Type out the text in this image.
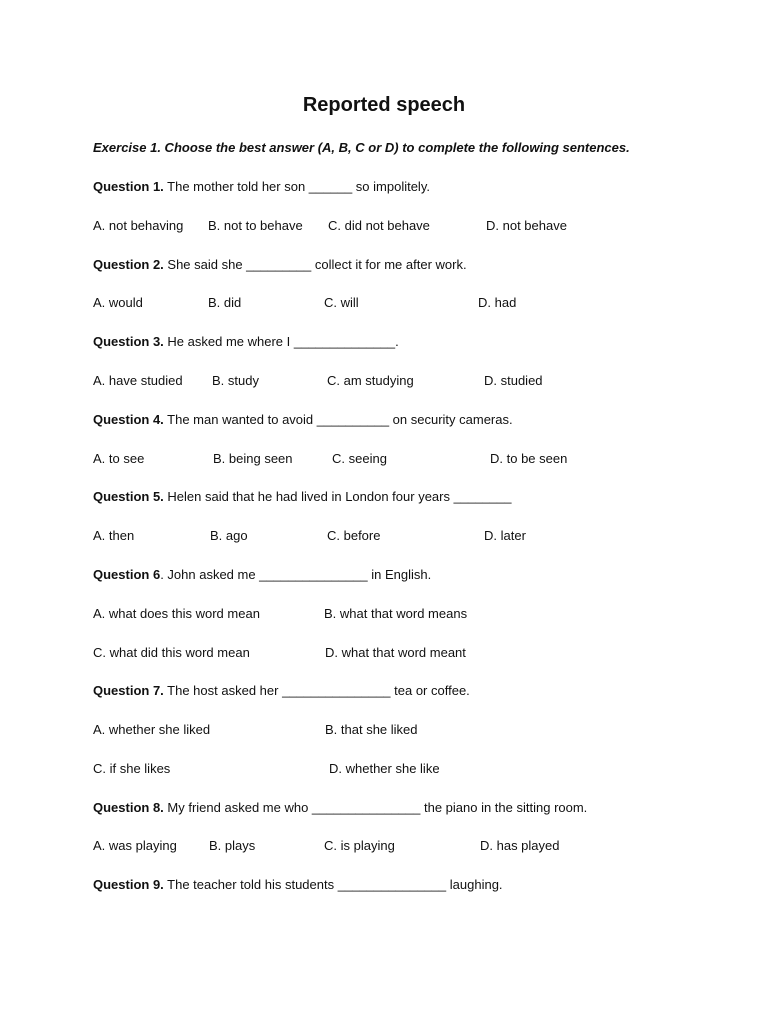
Reported speech
Exercise 1. Choose the best answer (A, B, C or D) to complete the following sentences.
Question 1. The mother told her son ______ so impolitely.
A. not behaving B. not to behave C. did not behave	D. not behave
Question 2. She said she _________ collect it for me after work.
A. would	B. did	C. will	D. had
Question 3. He asked me where I ______________.
A. have studied B. study	C. am studying	D. studied
Question 4. The man wanted to avoid __________ on security cameras.
A. to see	B. being seen	C. seeing	D. to be seen
Question 5. Helen said that he had lived in London four years ________
A. then	B. ago	C. before	D. later
Question 6. John asked me _______________ in English.
A. what does this word mean	B. what that word means
C. what did this word mean	D. what that word meant
Question 7. The host asked her _______________ tea or coffee.
A. whether she liked	B. that she liked
C. if she likes	D. whether she like
Question 8. My friend asked me who _______________ the piano in the sitting room.
A. was playing B. plays	C. is playing	D. has played
Question 9. The teacher told his students _______________ laughing.
